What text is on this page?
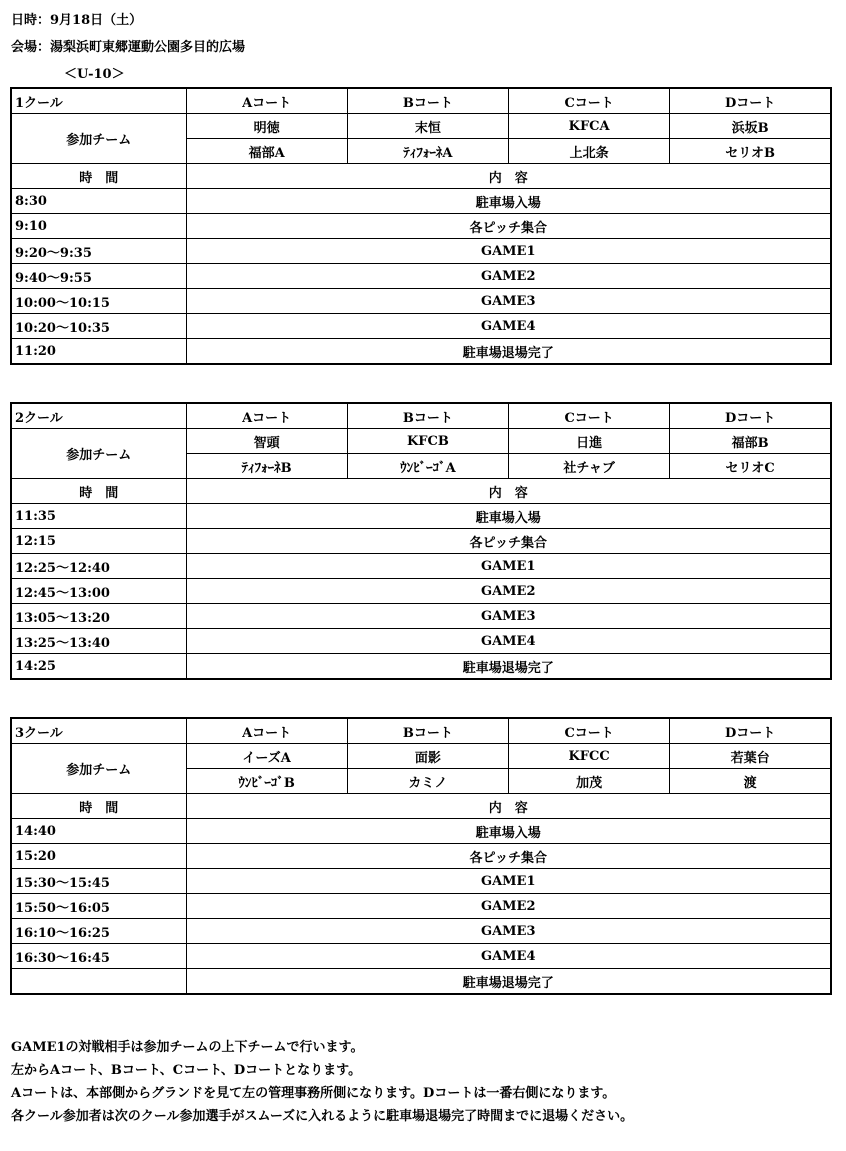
日時：9月18日（土）
会場：湯梨浜町東郷運動公園多目的広場
＜U-10＞
1クール	Aコート	Bコート	Cコート	Dコート
参加チーム	明徳	末恒	KFCA	浜坂B
	福部A	ﾃｨﾌｫｰﾈA	上北条	セリオB
時　間	内　容			
8:30	駐車場入場			
9:10	各ピッチ集合			
9:20～9:35	GAME1			
9:40～9:55	GAME2			
10:00～10:15	GAME3			
10:20～10:35	GAME4			
11:20	駐車場退場完了			
2クール	Aコート	Bコート	Cコート	Dコート
参加チーム	智頭	KFCB	日進	福部B
	ﾃｨﾌｫｰﾈB	ｳﾝﾋﾞｰｺﾞA	社チャブ	セリオC
時　間	内　容			
11:35	駐車場入場			
12:15	各ピッチ集合			
12:25～12:40	GAME1			
12:45～13:00	GAME2			
13:05～13:20	GAME3			
13:25～13:40	GAME4			
14:25	駐車場退場完了			
3クール	Aコート	Bコート	Cコート	Dコート
参加チーム	イーズA	面影	KFCC	若葉台
	ｳﾝﾋﾞｰｺﾞB	カミノ	加茂	渡
時　間	内　容			
14:40	駐車場入場			
15:20	各ピッチ集合			
15:30～15:45	GAME1			
15:50～16:05	GAME2			
16:10～16:25	GAME3			
16:30～16:45	GAME4			
	駐車場退場完了			
GAME1の対戦相手は参加チームの上下チームで行います。
左からAコート、Bコート、Cコート、Dコートとなります。
Aコートは、本部側からグランドを見て左の管理事務所側になります。Dコートは一番右側になります。
各クール参加者は次のクール参加選手がスムーズに入れるように駐車場退場完了時間までに退場ください。
